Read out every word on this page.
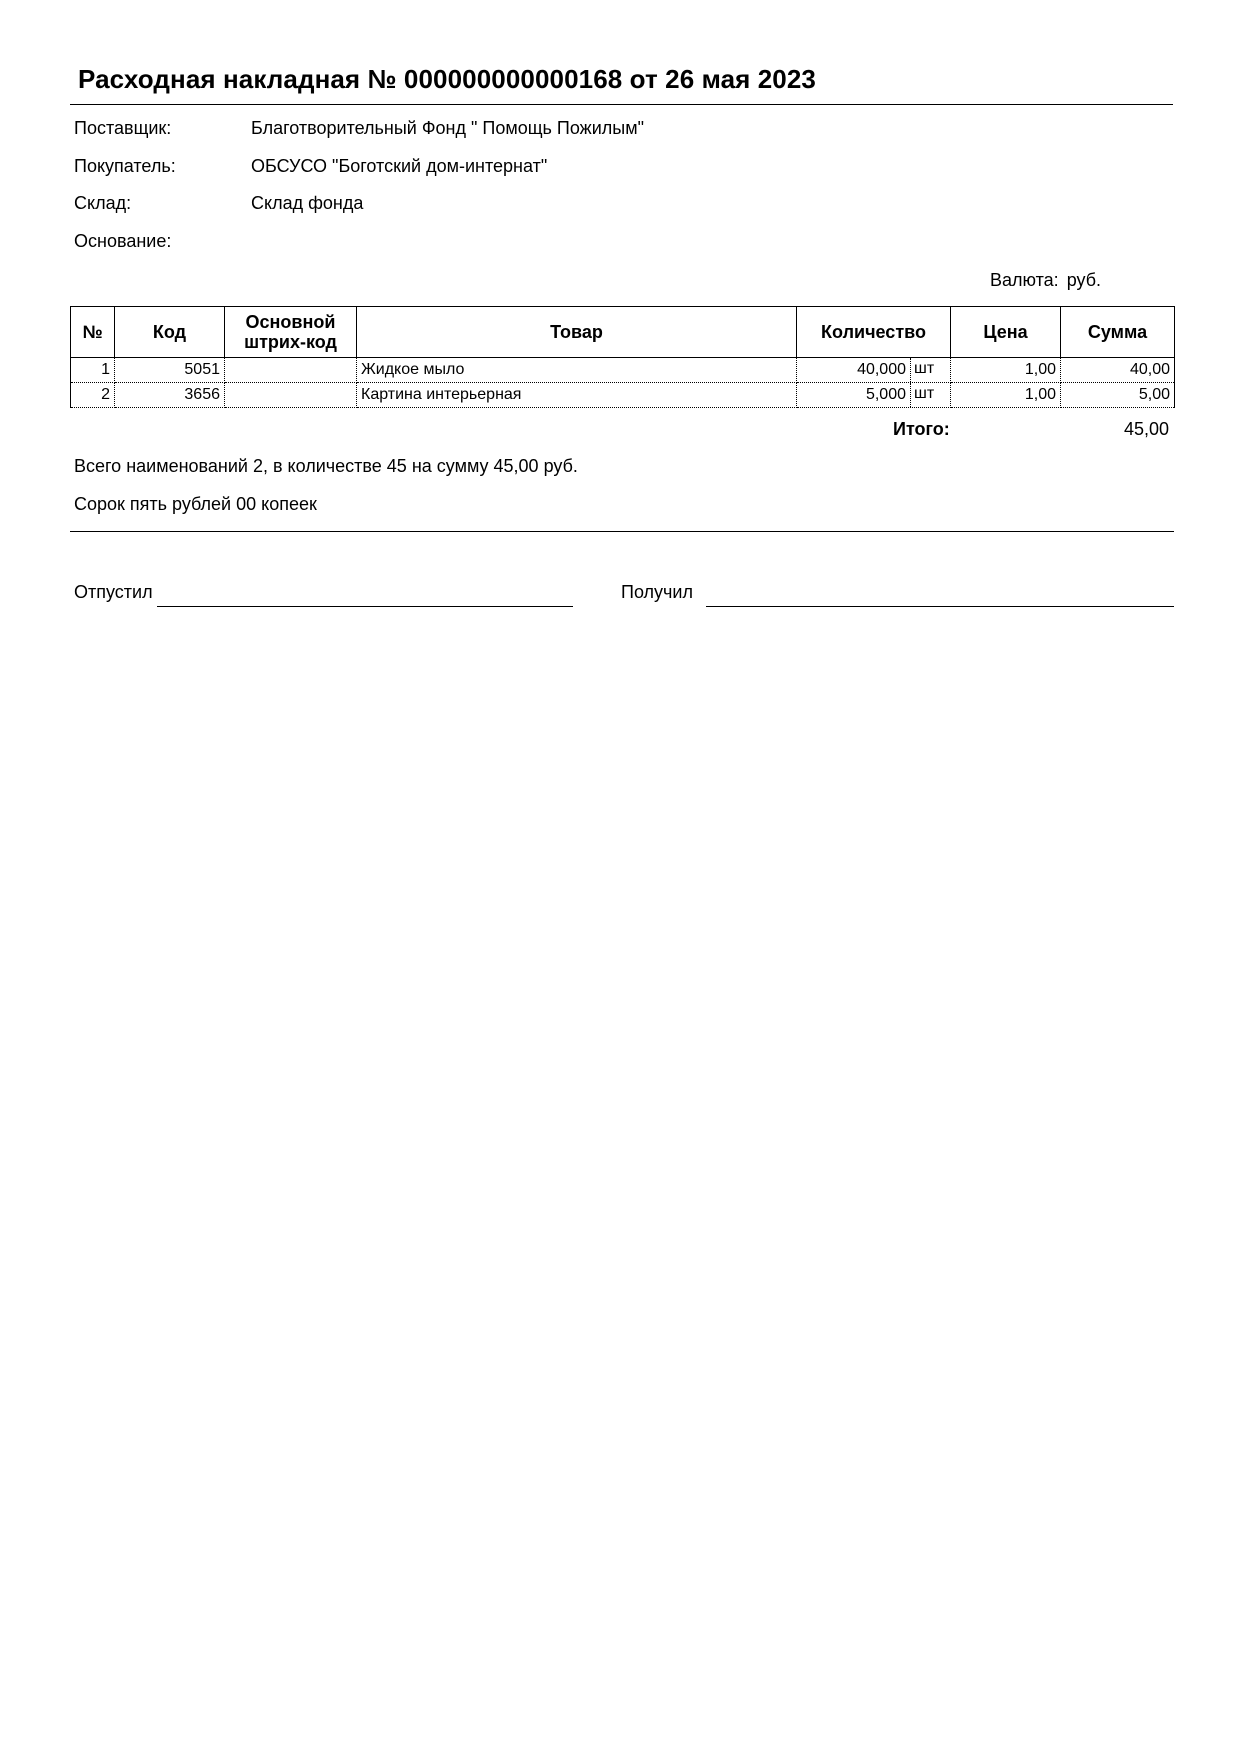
Расходная накладная № 000000000000168 от 26 мая 2023
Поставщик:	Благотворительный Фонд " Помощь Пожилым"
Покупатель:	ОБСУСО "Боготский дом-интернат"
Склад:	Склад фонда
Основание:
Валюта: руб.
№	Код	Основной штрих-код	Товар	Количество	Цена	Сумма
1	5051		Жидкое мыло	40,000 шт	1,00	40,00
2	3656		Картина интерьерная	5,000 шт	1,00	5,00
Итого:	45,00
Всего наименований 2, в количестве 45 на сумму 45,00 руб.
Сорок пять рублей 00 копеек
Отпустил	Получил
